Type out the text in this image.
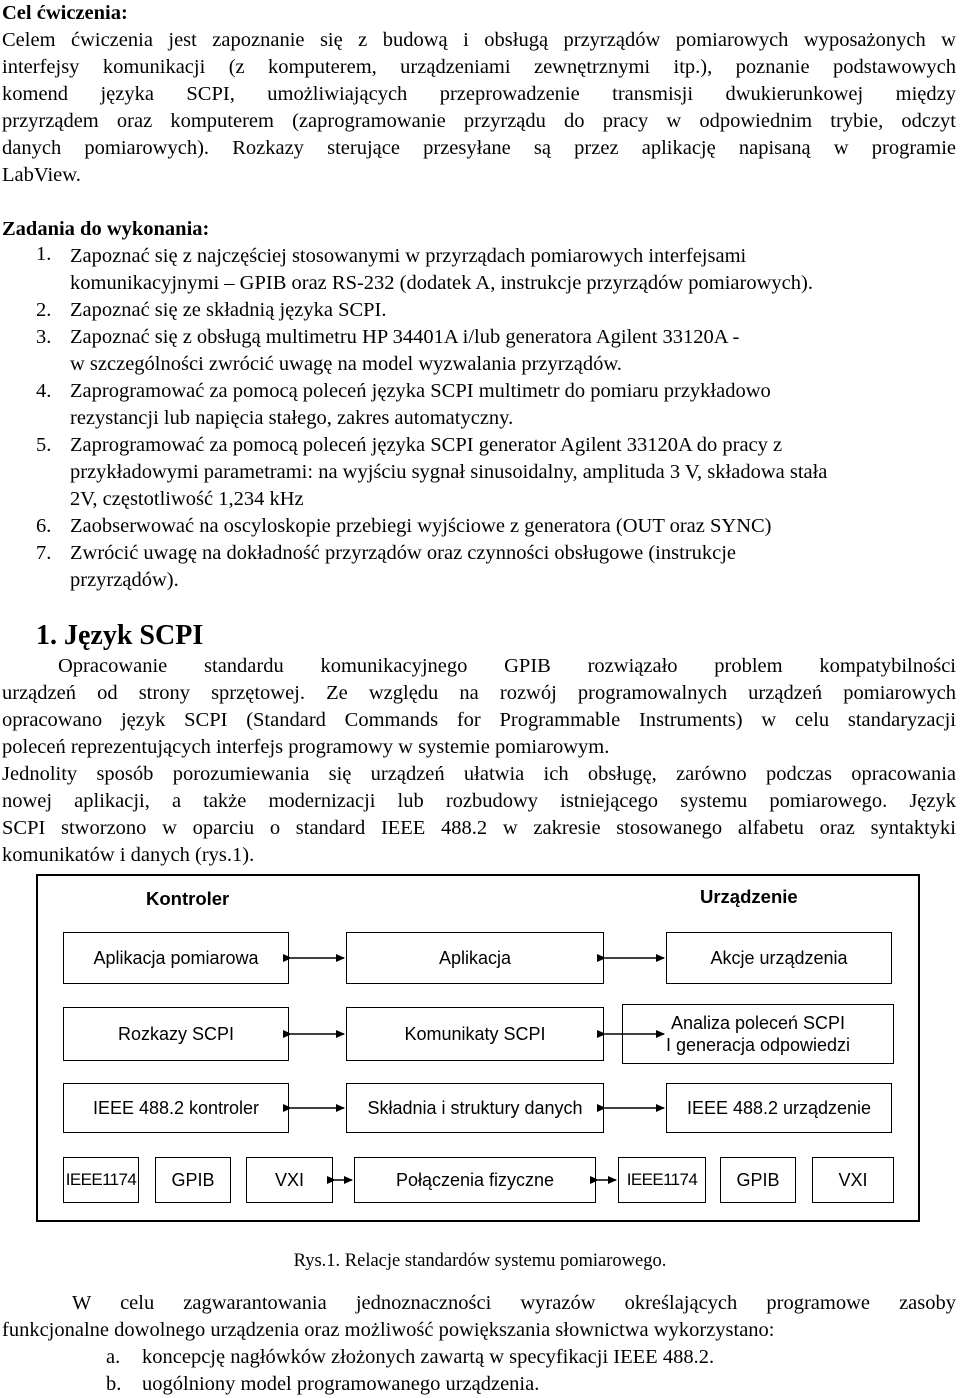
Cel ćwiczenia:
Celem ćwiczenia jest zapoznanie się z budową i obsługą przyrządów pomiarowych wyposażonych w
interfejsy komunikacji (z komputerem, urządzeniami zewnętrznymi itp.), poznanie podstawowych
komend języka SCPI, umożliwiających przeprowadzenie transmisji dwukierunkowej między
przyrządem oraz komputerem (zaprogramowanie przyrządu do pracy w odpowiednim trybie, odczyt
danych pomiarowych). Rozkazy sterujące przesyłane są przez aplikację napisaną w programie
LabView.
Zadania do wykonania:
1. Zapoznać się z najczęściej stosowanymi w przyrządach pomiarowych interfejsami
komunikacyjnymi – GPIB oraz RS-232 (dodatek A, instrukcje przyrządów pomiarowych).
2. Zapoznać się ze składnią języka SCPI.
3. Zapoznać się z obsługą multimetru HP 34401A i/lub generatora Agilent 33120A -
w szczególności zwrócić uwagę na model wyzwalania przyrządów.
4. Zaprogramować za pomocą poleceń języka SCPI multimetr do pomiaru przykładowo
rezystancji lub napięcia stałego, zakres automatyczny.
5. Zaprogramować za pomocą poleceń języka SCPI generator Agilent 33120A do pracy z
przykładowymi parametrami: na wyjściu sygnał sinusoidalny, amplituda 3 V, składowa stała
2V, częstotliwość 1,234 kHz
6. Zaobserwować na oscyloskopie przebiegi wyjściowe z generatora (OUT oraz SYNC)
7. Zwrócić uwagę na dokładność przyrządów oraz czynności obsługowe (instrukcje
przyrządów).
1. Język SCPI
Opracowanie standardu komunikacyjnego GPIB rozwiązało problem kompatybilności
urządzeń od strony sprzętowej. Ze względu na rozwój programowalnych urządzeń pomiarowych
opracowano język SCPI (Standard Commands for Programmable Instruments) w celu standaryzacji
poleceń reprezentujących interfejs programowy w systemie pomiarowym.
Jednolity sposób porozumiewania się urządzeń ułatwia ich obsługę, zarówno podczas opracowania
nowej aplikacji, a także modernizacji lub rozbudowy istniejącego systemu pomiarowego. Język
SCPI stworzono w oparciu o standard IEEE 488.2 w zakresie stosowanego alfabetu oraz syntaktyki
komunikatów i danych (rys.1).
Kontroler	Urządzenie
Aplikacja pomiarowa	Aplikacja	Akcje urządzenia
Rozkazy SCPI	Komunikaty SCPI
Analiza poleceń SCPI
I generacja odpowiedzi
IEEE 488.2 kontroler	Składnia i struktury danych	IEEE 488.2 urządzenie
IEEE1174	GPIB	VXI	Połączenia fizyczne	IEEE1174	GPIB	VXI
Rys.1. Relacje standardów systemu pomiarowego.
W celu zagwarantowania jednoznaczności wyrazów określających programowe zasoby
funkcjonalne dowolnego urządzenia oraz możliwość powiększania słownictwa wykorzystano:
a. koncepcję nagłówków złożonych zawartą w specyfikacji IEEE 488.2.
b. uogólniony model programowanego urządzenia.
